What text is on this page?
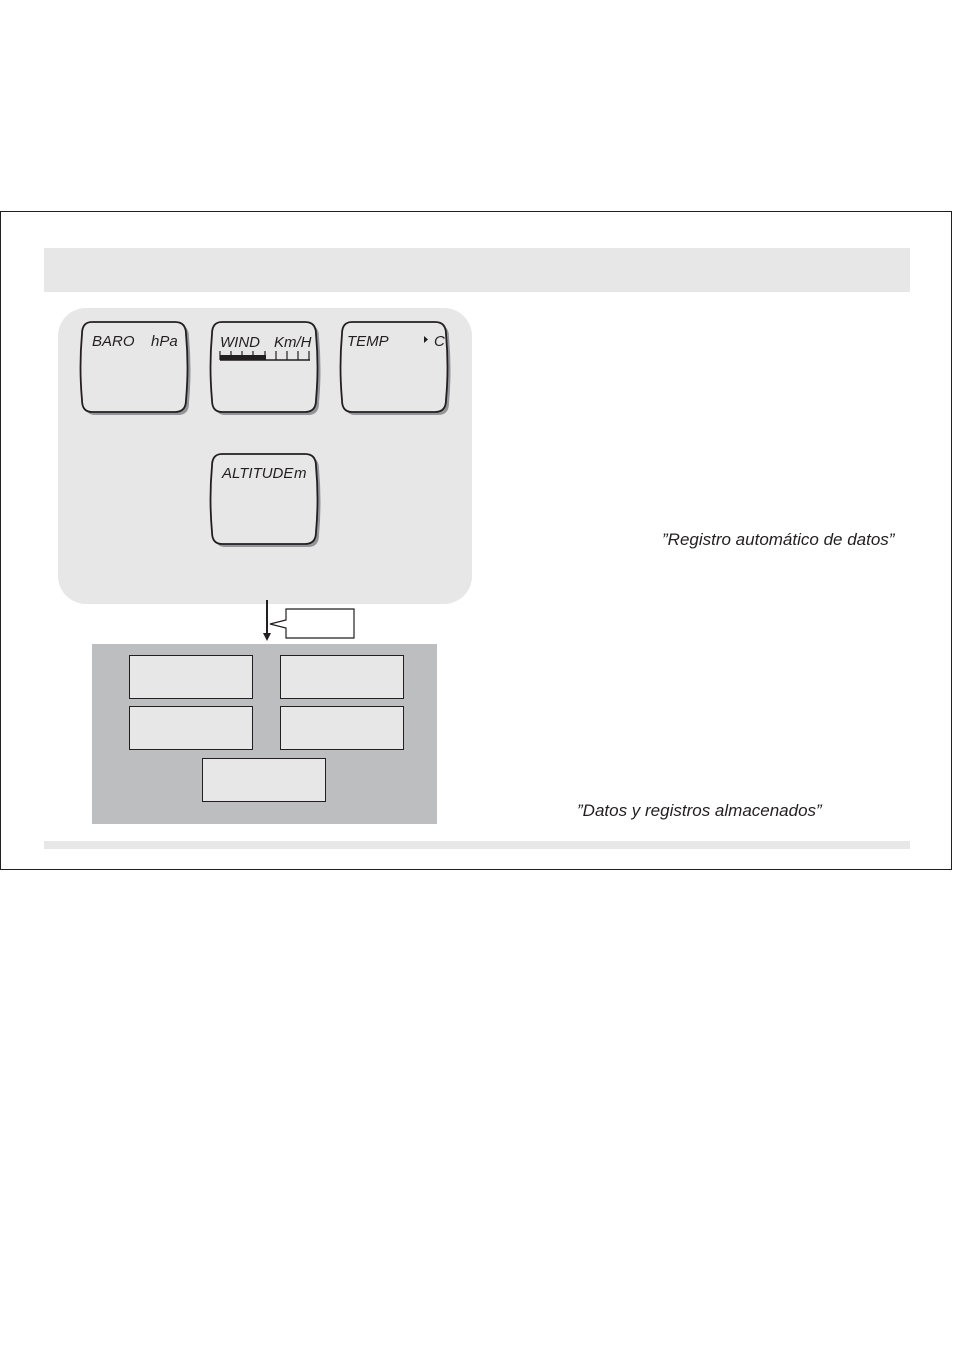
BARO hPa	WIND Km/H TEMP	C
ALTITUDE m
”Registro automático de datos”
”Datos y registros almacenados”
